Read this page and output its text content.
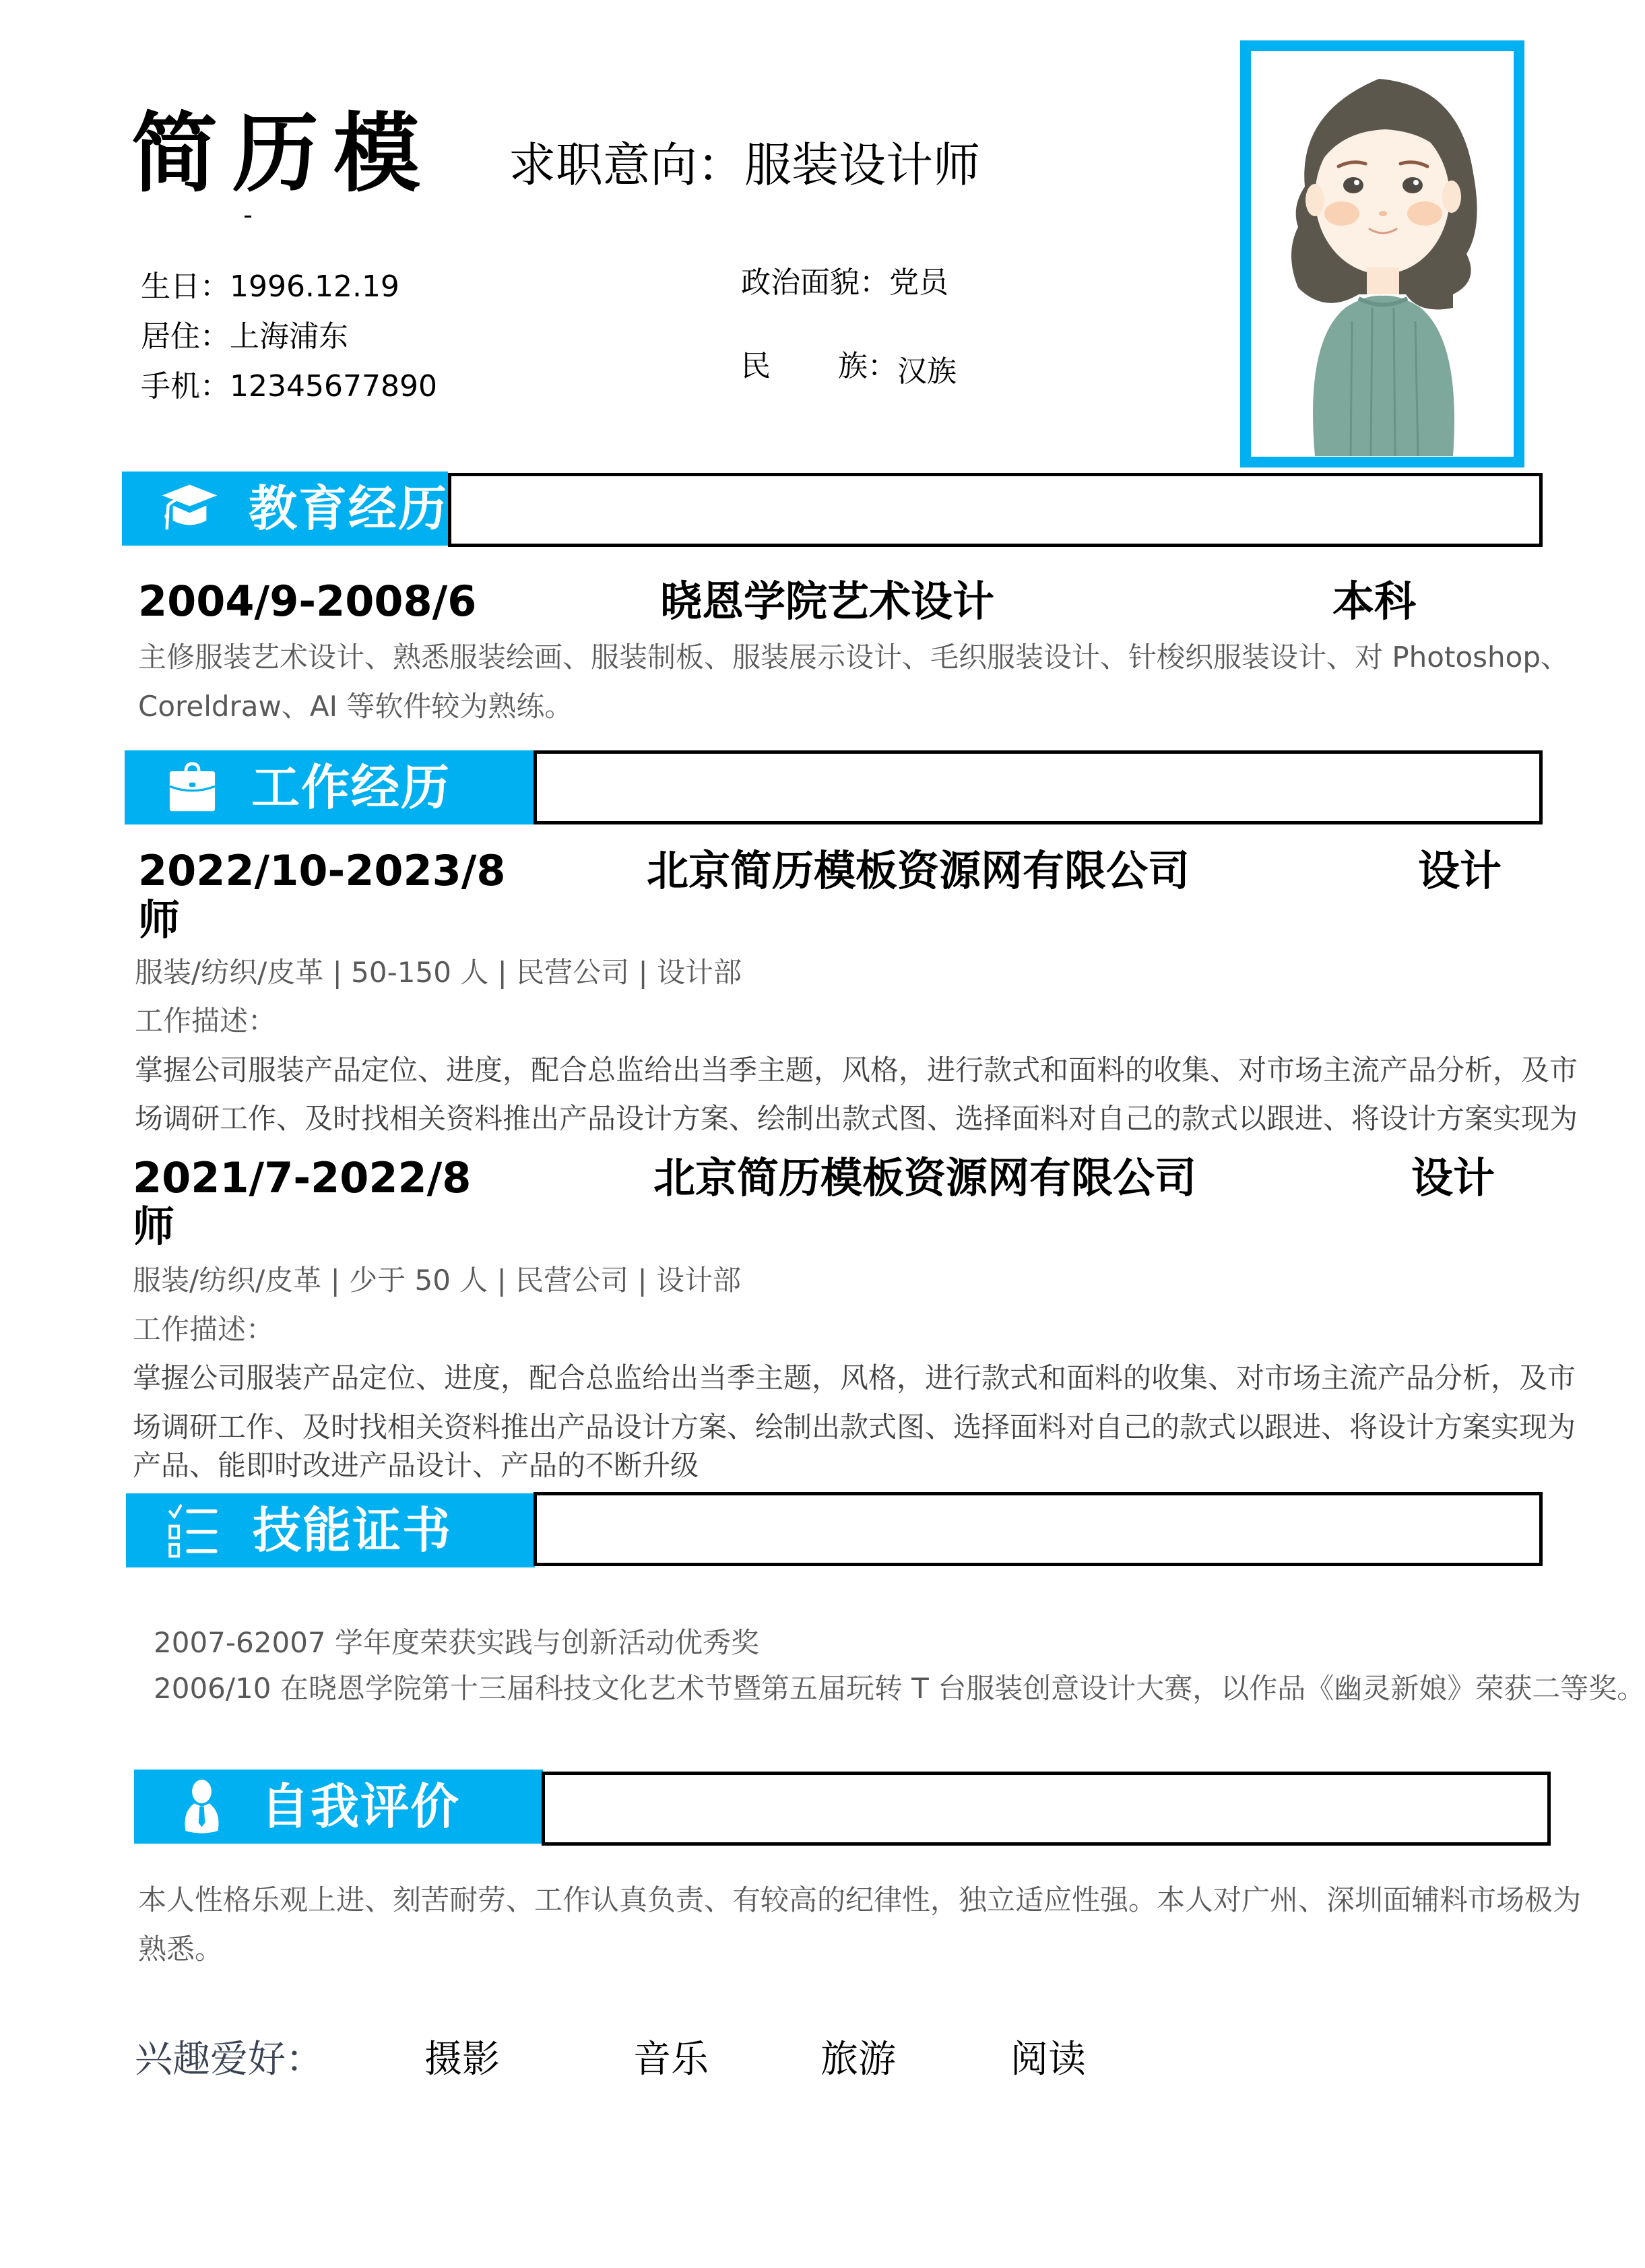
简历模 求职意向：服装设计师
生日：1996.12.19
居住：上海浦东
手机：12345677890
政治面貌：党员
民 族： 汉族
教育经历
2004/9-2008/6	晓恩学院艺术设计	本科
主修服装艺术设计、熟悉服装绘画、服装制板、服装展示设计、毛织服装设计、针梭织服装设计、对 Photoshop、
Coreldraw、AI 等软件较为熟练。
工作经历
2022/10-2023/8	北京简历模板资源网有限公司	设计
师
服装/纺织/皮革 | 50-150 人 | 民营公司 | 设计部
工作描述：
掌握公司服装产品定位、进度，配合总监给出当季主题，风格，进行款式和面料的收集、对市场主流产品分析，及市
场调研工作、及时找相关资料推出产品设计方案、绘制出款式图、选择面料对自己的款式以跟进、将设计方案实现为
2021/7-2022/8	北京简历模板资源网有限公司	设计
师
服装/纺织/皮革 | 少于 50 人 | 民营公司 | 设计部
工作描述：
掌握公司服装产品定位、进度，配合总监给出当季主题，风格，进行款式和面料的收集、对市场主流产品分析，及市
场调研工作、及时找相关资料推出产品设计方案、绘制出款式图、选择面料对自己的款式以跟进、将设计方案实现为
产品、能即时改进产品设计、产品的不断升级
技能证书
2007-62007 学年度荣获实践与创新活动优秀奖
2006/10 在晓恩学院第十三届科技文化艺术节暨第五届玩转 T 台服装创意设计大赛，以作品《幽灵新娘》荣获二等奖。
自我评价
本人性格乐观上进、刻苦耐劳、工作认真负责、有较高的纪律性，独立适应性强。本人对广州、深圳面辅料市场极为
熟悉。
兴趣爱好：	摄影	音乐	旅游	阅读
